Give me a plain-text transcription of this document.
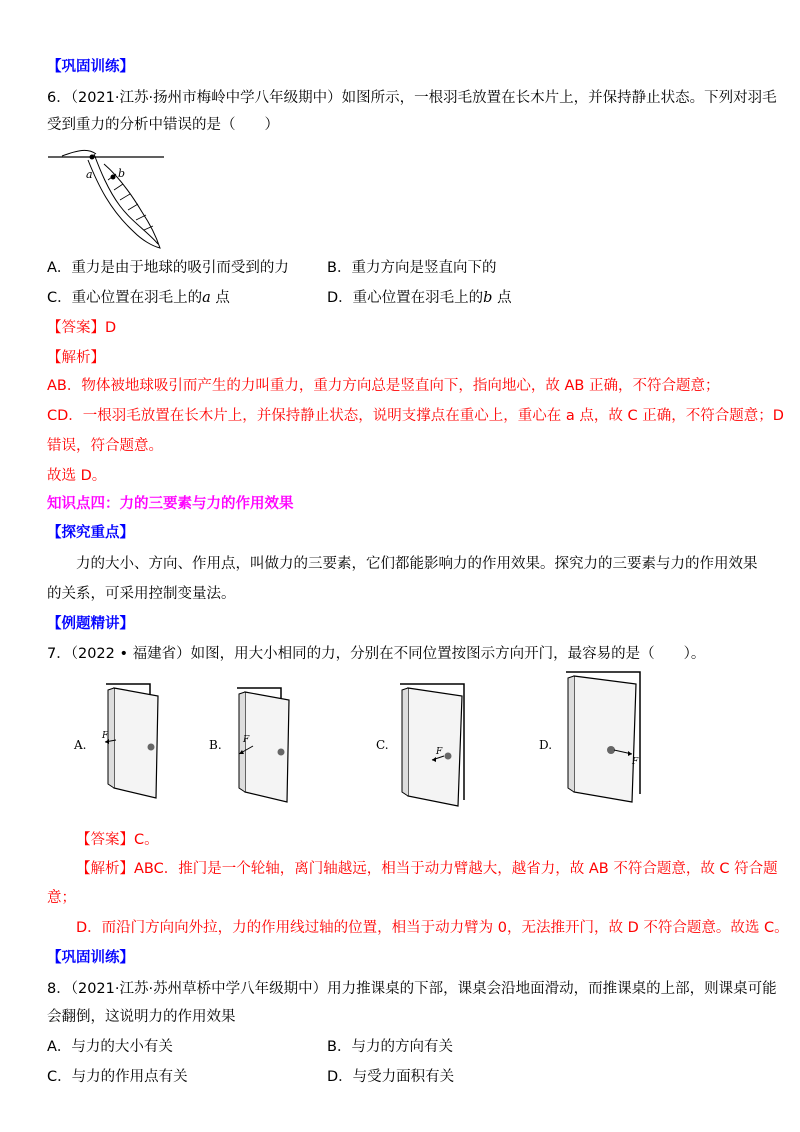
【巩固训练】
6．（2021·江苏·扬州市梅岭中学八年级期中）如图所示，一根羽毛放置在长木片上，并保持静止状态。下列对羽毛
受到重力的分析中错误的是（　　）
a b
A．重力是由于地球的吸引而受到的力	B．重力方向是竖直向下的
C．重心位置在羽毛上的a 点	D．重心位置在羽毛上的b 点
【答案】D
【解析】
AB．物体被地球吸引而产生的力叫重力，重力方向总是竖直向下，指向地心，故 AB 正确，不符合题意；
CD．一根羽毛放置在长木片上，并保持静止状态，说明支撑点在重心上，重心在 a 点，故 C 正确，不符合题意；D
错误，符合题意。
故选 D。
知识点四：力的三要素与力的作用效果
【探究重点】
力的大小、方向、作用点，叫做力的三要素，它们都能影响力的作用效果。探究力的三要素与力的作用效果
的关系，可采用控制变量法。
【例题精讲】
7．（2022 • 福建省）如图，用大小相同的力，分别在不同位置按图示方向开门，最容易的是（　　）。
A.
F
B. F	C.	F	D.
F
【答案】C。
【解析】ABC．推门是一个轮轴，离门轴越远，相当于动力臂越大，越省力，故 AB 不符合题意，故 C 符合题
意；
D．而沿门方向向外拉，力的作用线过轴的位置，相当于动力臂为 0，无法推开门，故 D 不符合题意。故选 C。
【巩固训练】
8．（2021·江苏·苏州草桥中学八年级期中）用力推课桌的下部，课桌会沿地面滑动，而推课桌的上部，则课桌可能
会翻倒，这说明力的作用效果
A．与力的大小有关	B．与力的方向有关
C．与力的作用点有关	D．与受力面积有关
